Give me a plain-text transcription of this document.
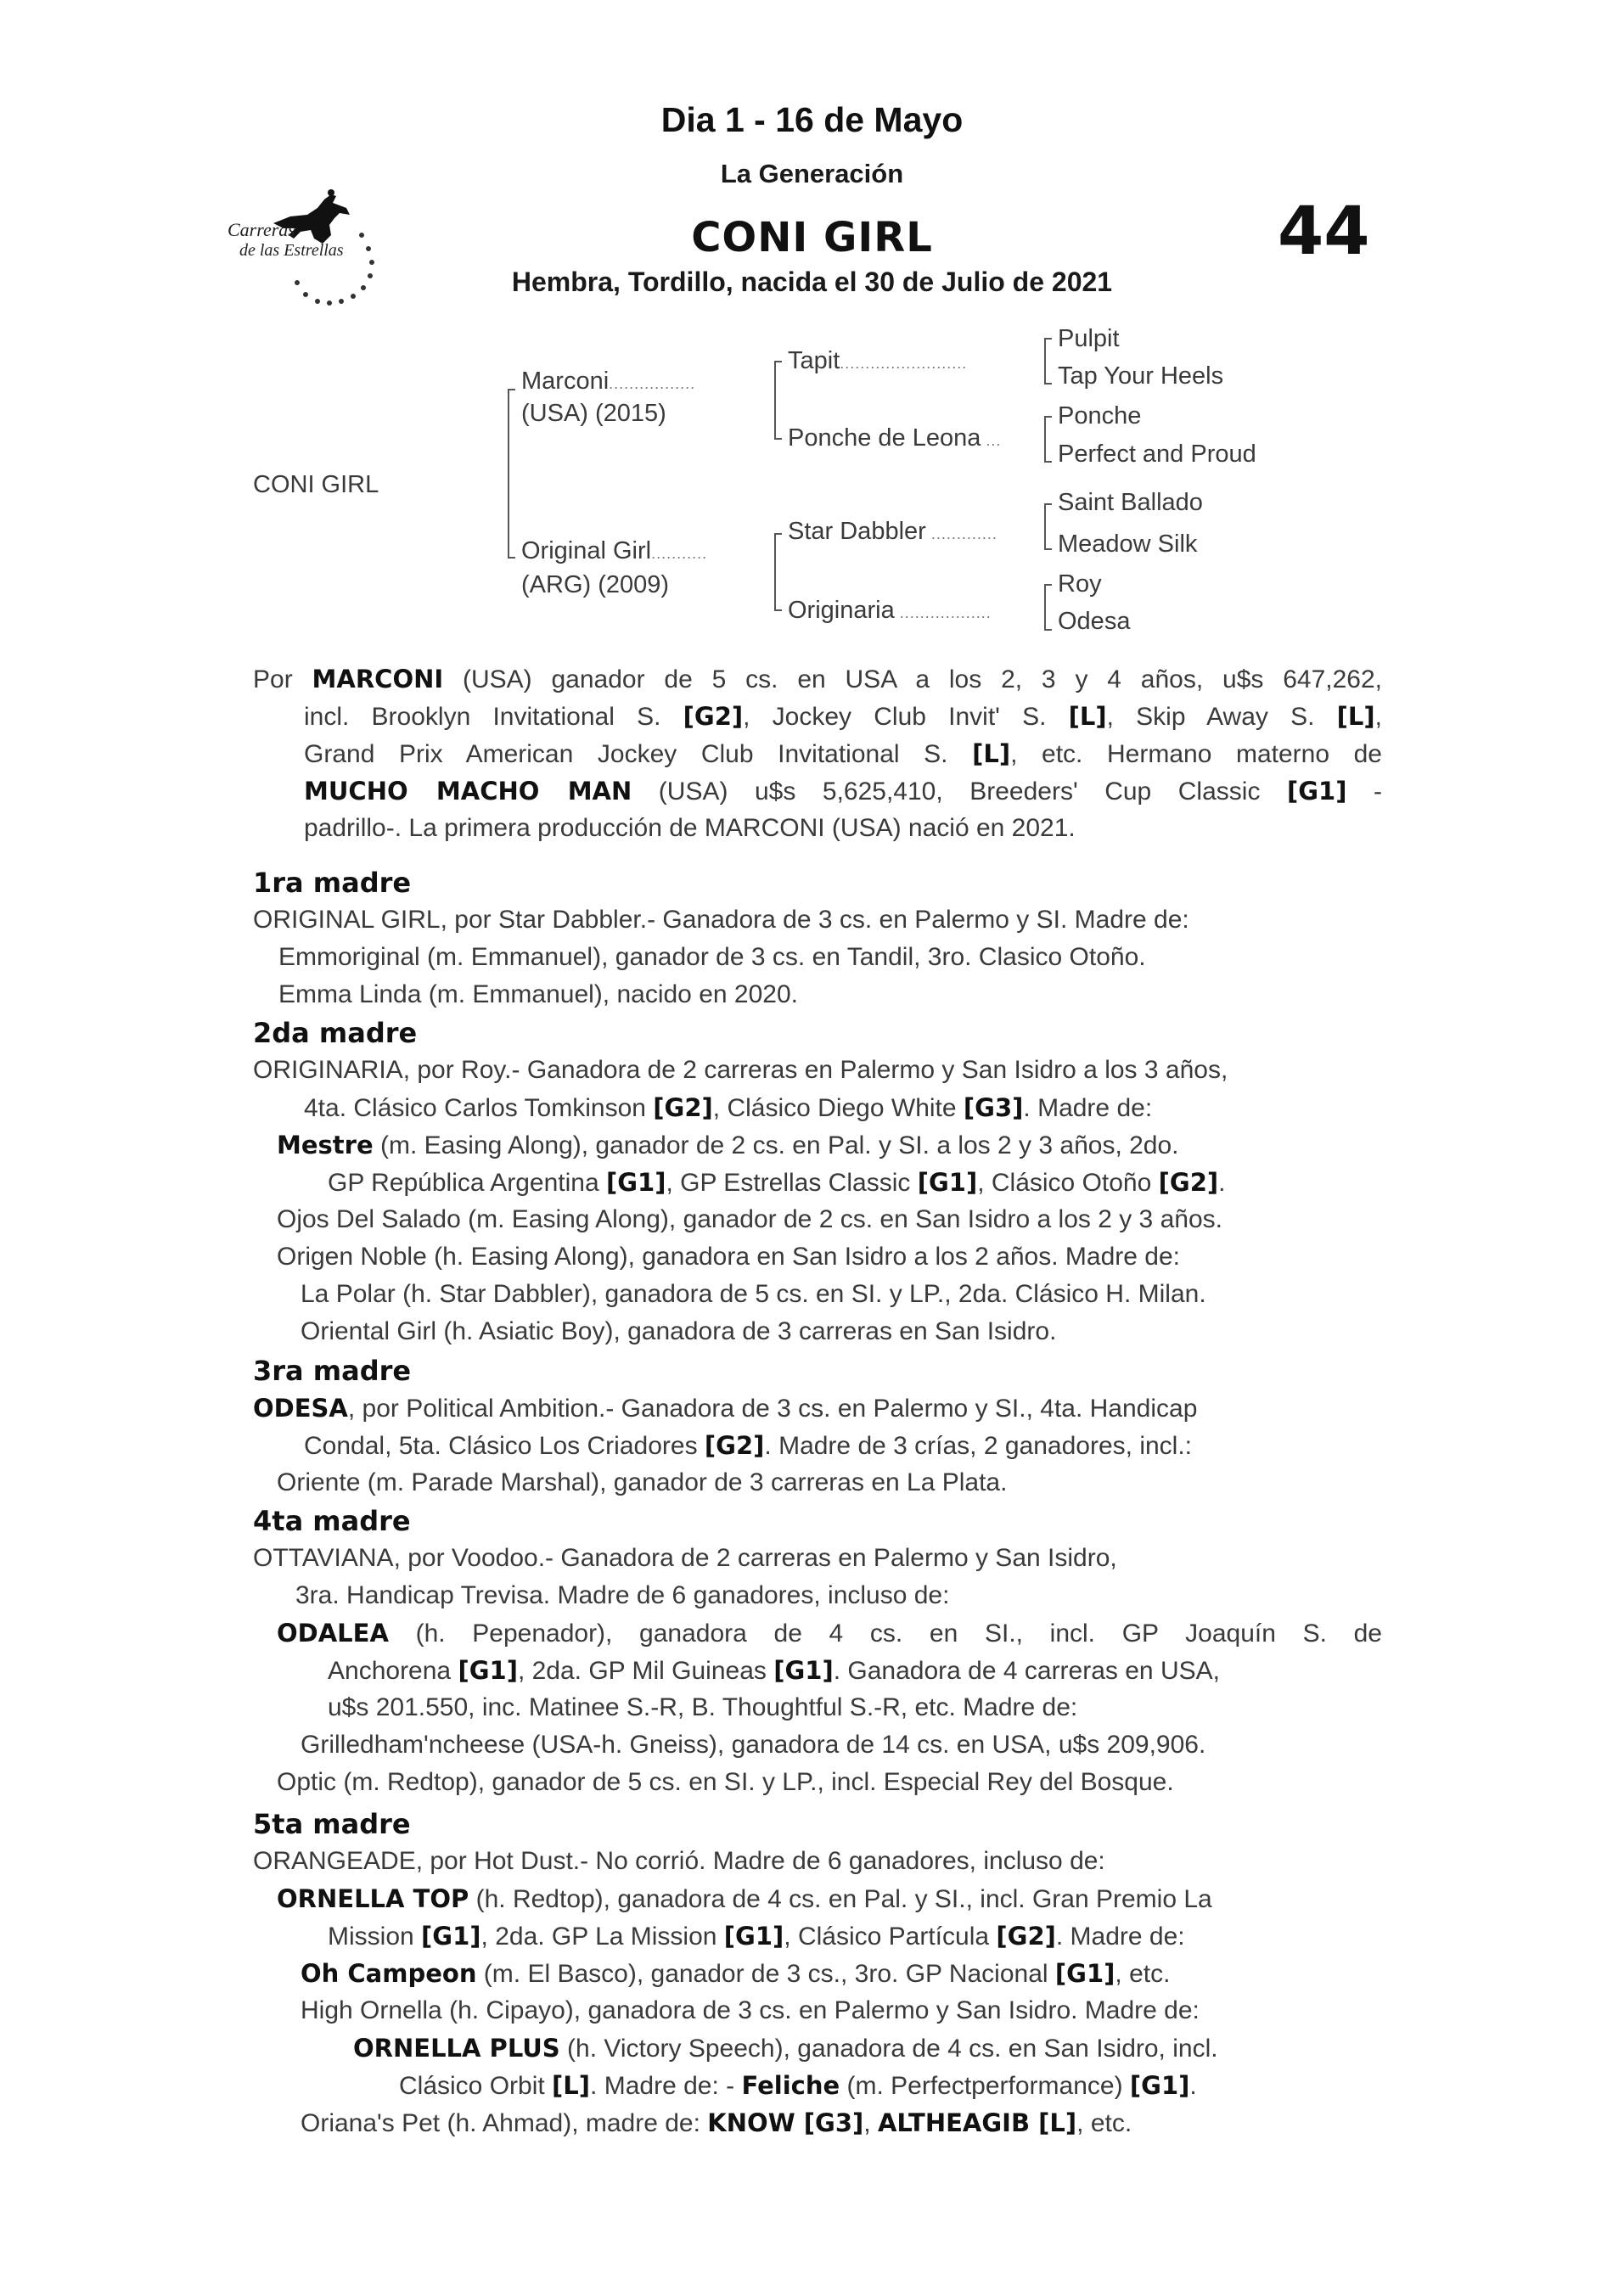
Dia 1 - 16 de Mayo
La Generación
CONI GIRL
Hembra, Tordillo, nacida el 30 de Julio de 2021
44
Carreras
de las Estrellas
CONI GIRL
Marconi.................
(USA) (2015)
Original Girl...........
(ARG) (2009)
Tapit.........................
Ponche de Leona ...
Star Dabbler .............
Originaria ..................
Pulpit
Tap Your Heels
Ponche
Perfect and Proud
Saint Ballado
Meadow Silk
Roy
Odesa
Por MARCONI (USA) ganador de 5 cs. en USA a los 2, 3 y 4 años, u$s 647,262,
incl. Brooklyn Invitational S. [G2], Jockey Club Invit' S. [L], Skip Away S. [L],
Grand Prix American Jockey Club Invitational S. [L], etc. Hermano materno de
MUCHO MACHO MAN (USA) u$s 5,625,410, Breeders' Cup Classic [G1] -
padrillo-. La primera producción de MARCONI (USA) nació en 2021.
1ra madre
ORIGINAL GIRL, por Star Dabbler.- Ganadora de 3 cs. en Palermo y SI. Madre de:
Emmoriginal (m. Emmanuel), ganador de 3 cs. en Tandil, 3ro. Clasico Otoño.
Emma Linda (m. Emmanuel), nacido en 2020.
2da madre
ORIGINARIA, por Roy.- Ganadora de 2 carreras en Palermo y San Isidro a los 3 años,
4ta. Clásico Carlos Tomkinson [G2], Clásico Diego White [G3]. Madre de:
Mestre (m. Easing Along), ganador de 2 cs. en Pal. y SI. a los 2 y 3 años, 2do.
GP República Argentina [G1], GP Estrellas Classic [G1], Clásico Otoño [G2].
Ojos Del Salado (m. Easing Along), ganador de 2 cs. en San Isidro a los 2 y 3 años.
Origen Noble (h. Easing Along), ganadora en San Isidro a los 2 años. Madre de:
La Polar (h. Star Dabbler), ganadora de 5 cs. en SI. y LP., 2da. Clásico H. Milan.
Oriental Girl (h. Asiatic Boy), ganadora de 3 carreras en San Isidro.
3ra madre
ODESA, por Political Ambition.- Ganadora de 3 cs. en Palermo y SI., 4ta. Handicap
Condal, 5ta. Clásico Los Criadores [G2]. Madre de 3 crías, 2 ganadores, incl.:
Oriente (m. Parade Marshal), ganador de 3 carreras en La Plata.
4ta madre
OTTAVIANA, por Voodoo.- Ganadora de 2 carreras en Palermo y San Isidro,
3ra. Handicap Trevisa. Madre de 6 ganadores, incluso de:
ODALEA (h. Pepenador), ganadora de 4 cs. en SI., incl. GP Joaquín S. de
Anchorena [G1], 2da. GP Mil Guineas [G1]. Ganadora de 4 carreras en USA,
u$s 201.550, inc. Matinee S.-R, B. Thoughtful S.-R, etc. Madre de:
Grilledham'ncheese (USA-h. Gneiss), ganadora de 14 cs. en USA, u$s 209,906.
Optic (m. Redtop), ganador de 5 cs. en SI. y LP., incl. Especial Rey del Bosque.
5ta madre
ORANGEADE, por Hot Dust.- No corrió. Madre de 6 ganadores, incluso de:
ORNELLA TOP (h. Redtop), ganadora de 4 cs. en Pal. y SI., incl. Gran Premio La
Mission [G1], 2da. GP La Mission [G1], Clásico Partícula [G2]. Madre de:
Oh Campeon (m. El Basco), ganador de 3 cs., 3ro. GP Nacional [G1], etc.
High Ornella (h. Cipayo), ganadora de 3 cs. en Palermo y San Isidro. Madre de:
ORNELLA PLUS (h. Victory Speech), ganadora de 4 cs. en San Isidro, incl.
Clásico Orbit [L]. Madre de: - Feliche (m. Perfectperformance) [G1].
Oriana's Pet (h. Ahmad), madre de: KNOW [G3], ALTHEAGIB [L], etc.
